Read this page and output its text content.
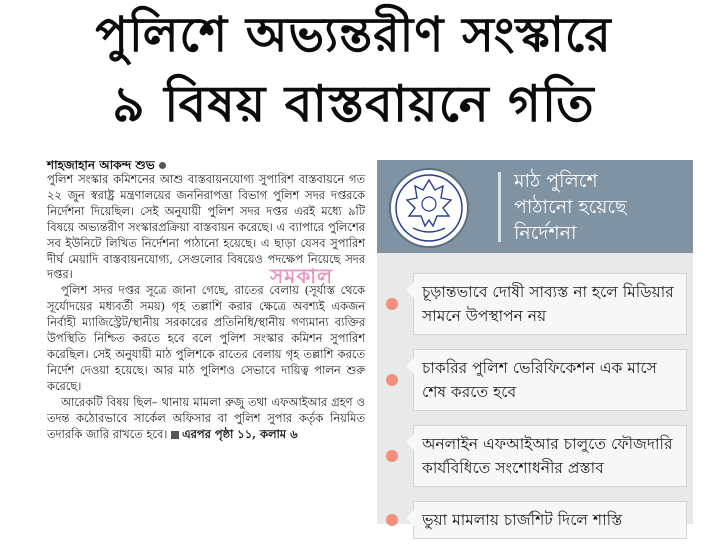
পুলিশে অভ্যন্তরীণ সংস্কারে
৯ বিষয় বাস্তবায়নে গতি
শাহজাহান আকন্দ শুভ

পুলিশ সংস্কার কমিশনের আশু বাস্তবায়নযোগ্য সুপারিশ বাস্তবায়নে গত ২২ জুন স্বরাষ্ট্র মন্ত্রণালয়ের জননিরাপত্তা বিভাগ পুলিশ সদর দপ্তরকে নির্দেশনা দিয়েছিল। সেই অনুযায়ী পুলিশ সদর দপ্তর এরই মধ্যে ৯টি বিষয়ে অভ্যন্তরীণ সংস্কারপ্রক্রিয়া বাস্তবায়ন করেছে। এ ব্যাপারে পুলিশের সব ইউনিটে লিখিত নির্দেশনা পাঠানো হয়েছে। এ ছাড়া যেসব সুপারিশ দীর্ঘ মেয়াদি বাস্তবায়নযোগ্য, সেগুলোর বিষয়েও পদক্ষেপ নিয়েছে সদর দপ্তর।

পুলিশ সদর দপ্তর সূত্রে জানা গেছে, রাতের বেলায় (সূর্যাস্ত থেকে সূর্যোদয়ের মধ্যবর্তী সময়) গৃহ তল্লাশি করার ক্ষেত্রে অবশ্যই একজন নির্বাহী ম্যাজিস্ট্রেট/স্থানীয় সরকারের প্রতিনিধি/স্থানীয় গণ্যমান্য ব্যক্তির উপস্থিতি নিশ্চিত করতে হবে বলে পুলিশ সংস্কার কমিশন সুপারিশ করেছিল। সেই অনুযায়ী মাঠ পুলিশকে রাতের বেলায় গৃহ তল্লাশি করতে নির্দেশ দেওয়া হয়েছে। আর মাঠ পুলিশও সেভাবে দায়িত্ব পালন শুরু করেছে।

আরেকটি বিষয় ছিল– থানায় মামলা রুজু তথা এফআইআর গ্রহণ ও তদন্ত কঠোরভাবে সার্কেল অফিসার বা পুলিশ সুপার কর্তৃক নিয়মিত তদারকি জারি রাখতে হবে। এরপর পৃষ্ঠা ১১, কলাম ৬

সমকাল
মাঠ পুলিশে
পাঠানো হয়েছে
নির্দেশনা
চূড়ান্তভাবে দোষী সাব্যস্ত না হলে মিডিয়ার সামনে উপস্থাপন নয়
চাকরির পুলিশ ভেরিফিকেশন এক মাসে শেষ করতে হবে
অনলাইন এফআইআর চালুতে ফৌজদারি কার্যবিধিতে সংশোধনীর প্রস্তাব
ভুয়া মামলায় চার্জশিট দিলে শাস্তি
